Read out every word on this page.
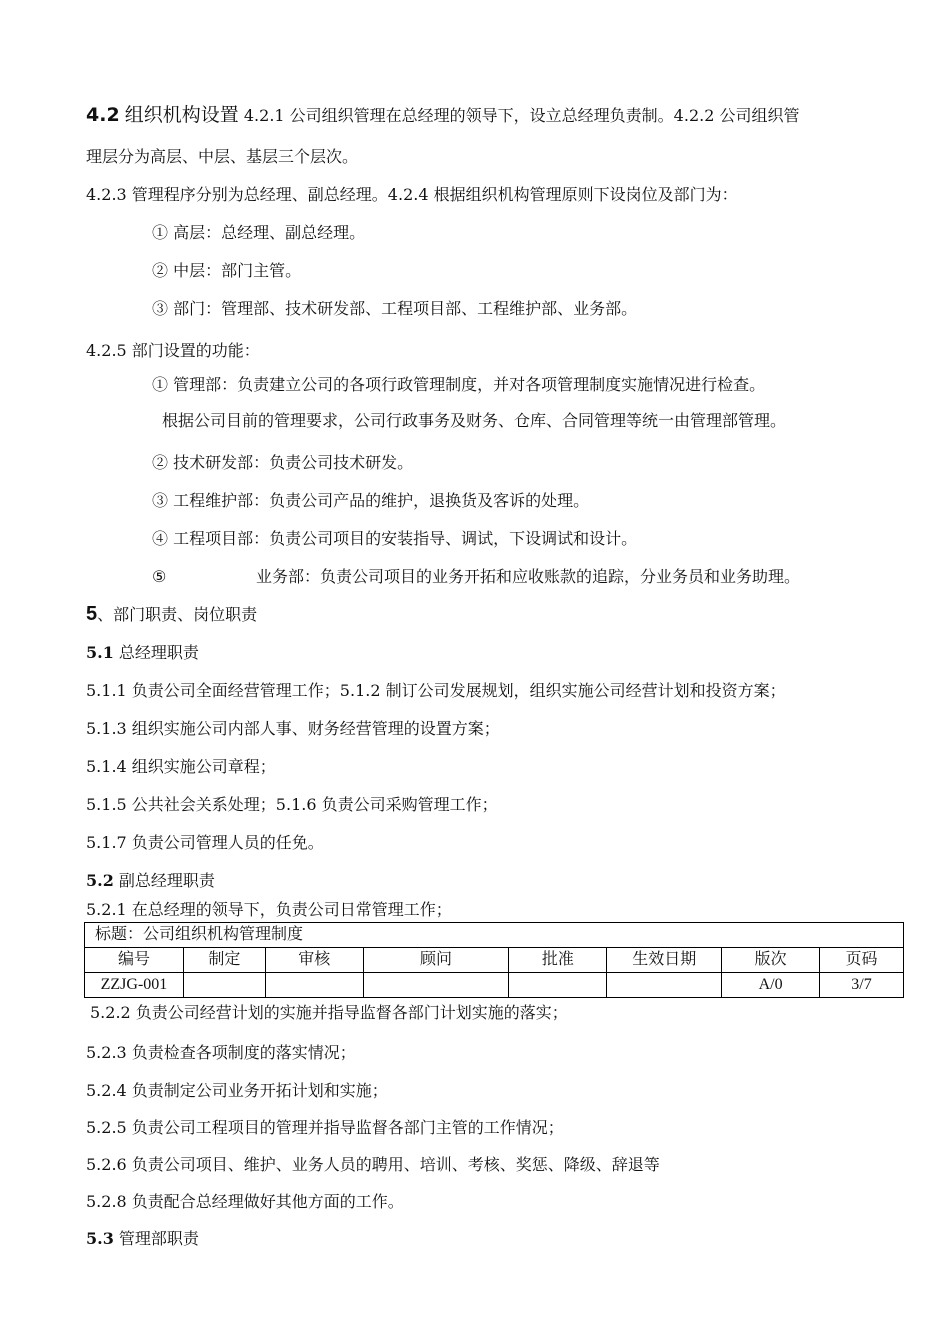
4.2 组织机构设置 4.2.1 公司组织管理在总经理的领导下，设立总经理负责制。4.2.2 公司组织管
理层分为高层、中层、基层三个层次。
4.2.3 管理程序分别为总经理、副总经理。4.2.4 根据组织机构管理原则下设岗位及部门为：
① 高层：总经理、副总经理。
② 中层：部门主管。
③ 部门：管理部、技术研发部、工程项目部、工程维护部、业务部。
4.2.5 部门设置的功能：
① 管理部：负责建立公司的各项行政管理制度，并对各项管理制度实施情况进行检查。
根据公司目前的管理要求，公司行政事务及财务、仓库、合同管理等统一由管理部管理。
② 技术研发部：负责公司技术研发。
③ 工程维护部：负责公司产品的维护，退换货及客诉的处理。
④ 工程项目部：负责公司项目的安装指导、调试，下设调试和设计。
⑤	业务部：负责公司项目的业务开拓和应收账款的追踪，分业务员和业务助理。
5、部门职责、岗位职责
5.1 总经理职责
5.1.1 负责公司全面经营管理工作；5.1.2 制订公司发展规划，组织实施公司经营计划和投资方案；
5.1.3 组织实施公司内部人事、财务经营管理的设置方案；
5.1.4 组织实施公司章程；
5.1.5 公共社会关系处理；5.1.6 负责公司采购管理工作；
5.1.7 负责公司管理人员的任免。
5.2 副总经理职责
5.2.1 在总经理的领导下，负责公司日常管理工作；
标题：公司组织机构管理制度							
编号	制定	审核	顾问	批准	生效日期	版次	页码
ZZJG-001						A/0	3/7
5.2.2 负责公司经营计划的实施并指导监督各部门计划实施的落实；
5.2.3 负责检查各项制度的落实情况；
5.2.4 负责制定公司业务开拓计划和实施；
5.2.5 负责公司工程项目的管理并指导监督各部门主管的工作情况；
5.2.6 负责公司项目、维护、业务人员的聘用、培训、考核、奖惩、降级、辞退等
5.2.8 负责配合总经理做好其他方面的工作。
5.3 管理部职责
